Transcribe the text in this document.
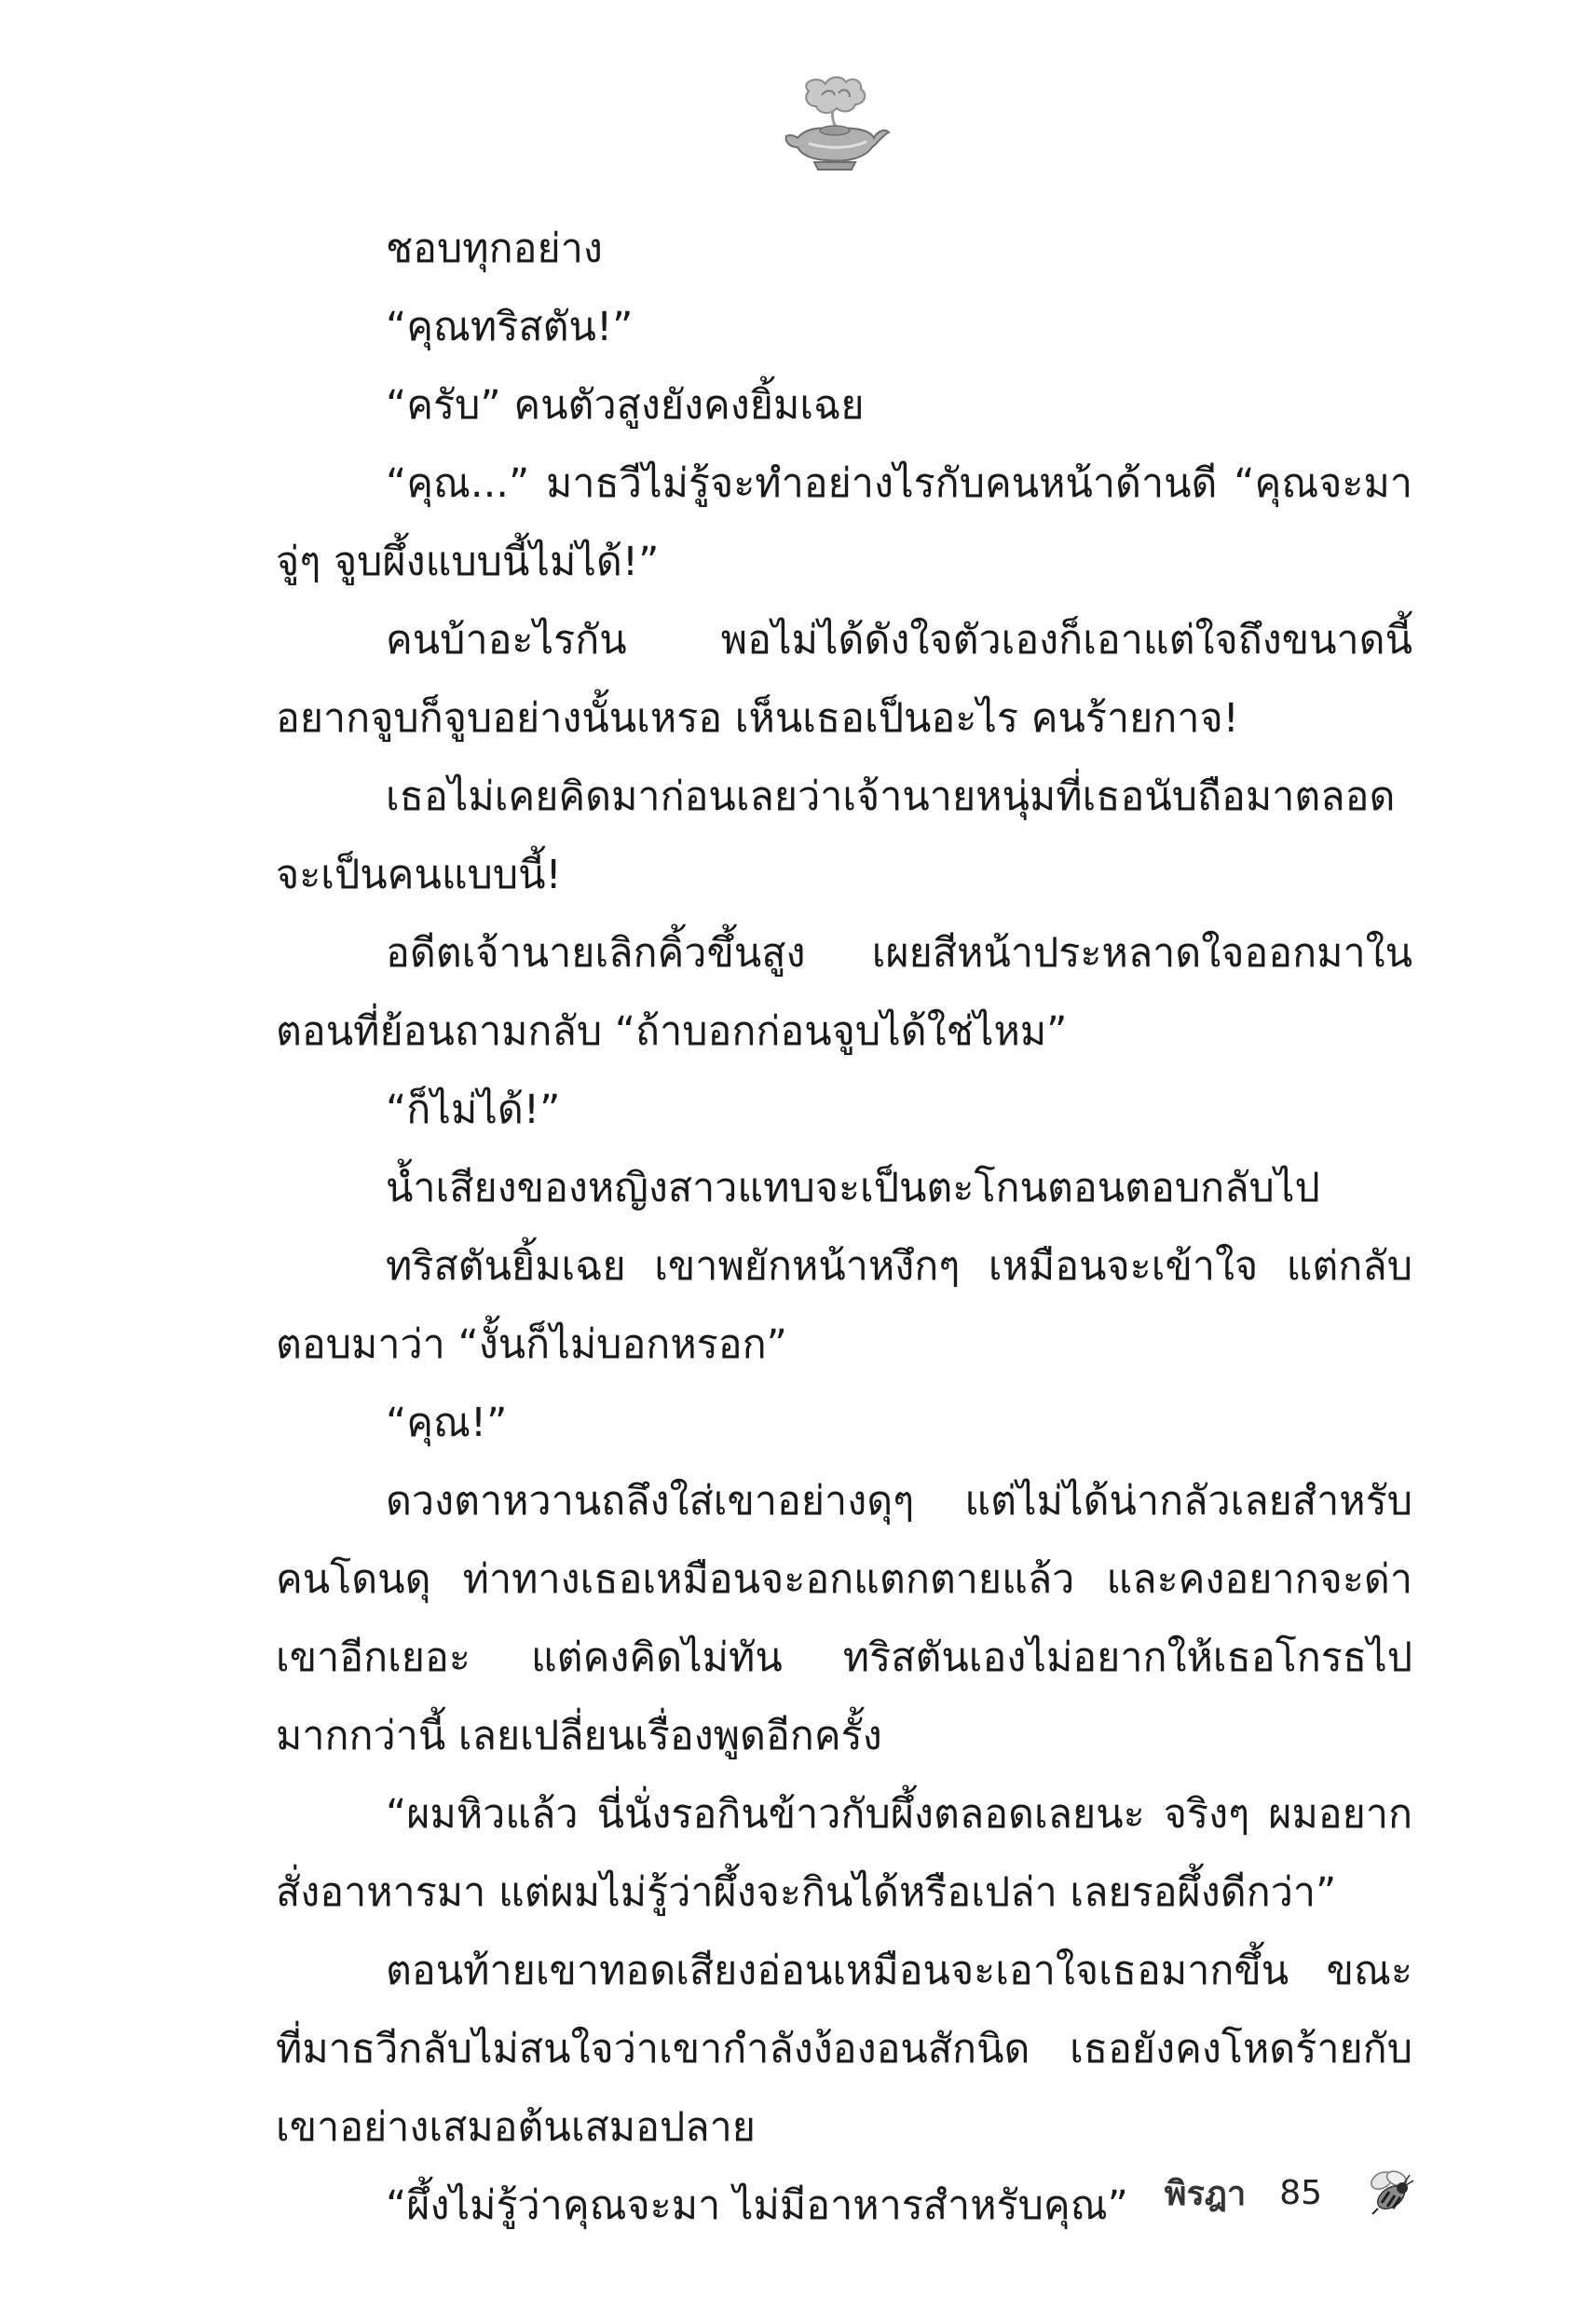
ชอบทุกอย่าง

“คุณทริสตัน!”

“ครับ” คนตัวสูงยังคงยิ้มเฉย

“คุณ...” มาธวีไม่รู้จะทำอย่างไรกับคนหน้าด้านดี “คุณจะมาจู่ๆ จูบผึ้งแบบนี้ไม่ได้!”

คนบ้าอะไรกัน พอไม่ได้ดังใจตัวเองก็เอาแต่ใจถึงขนาดนี้ อยากจูบก็จูบอย่างนั้นเหรอ เห็นเธอเป็นอะไร คนร้ายกาจ!

เธอไม่เคยคิดมาก่อนเลยว่าเจ้านายหนุ่มที่เธอนับถือมาตลอดจะเป็นคนแบบนี้!

อดีตเจ้านายเลิกคิ้วขึ้นสูง เผยสีหน้าประหลาดใจออกมาในตอนที่ย้อนถามกลับ “ถ้าบอกก่อนจูบได้ใช่ไหม”

“ก็ไม่ได้!”

น้ำเสียงของหญิงสาวแทบจะเป็นตะโกนตอนตอบกลับไป

ทริสตันยิ้มเฉย เขาพยักหน้าหงึกๆ เหมือนจะเข้าใจ แต่กลับตอบมาว่า “งั้นก็ไม่บอกหรอก”

“คุณ!”

ดวงตาหวานถลึงใส่เขาอย่างดุๆ แต่ไม่ได้น่ากลัวเลยสำหรับคนโดนดุ ท่าทางเธอเหมือนจะอกแตกตายแล้ว และคงอยากจะด่าเขาอีกเยอะ แต่คงคิดไม่ทัน ทริสตันเองไม่อยากให้เธอโกรธไปมากกว่านี้ เลยเปลี่ยนเรื่องพูดอีกครั้ง

“ผมหิวแล้ว นี่นั่งรอกินข้าวกับผึ้งตลอดเลยนะ จริงๆ ผมอยากสั่งอาหารมา แต่ผมไม่รู้ว่าผึ้งจะกินได้หรือเปล่า เลยรอผึ้งดีกว่า”

ตอนท้ายเขาทอดเสียงอ่อนเหมือนจะเอาใจเธอมากขึ้น ขณะที่มาธวีกลับไม่สนใจว่าเขากำลังง้องอนสักนิด เธอยังคงโหดร้ายกับเขาอย่างเสมอต้นเสมอปลาย

“ผึ้งไม่รู้ว่าคุณจะมา ไม่มีอาหารสำหรับคุณ”	พิรฎา 85
